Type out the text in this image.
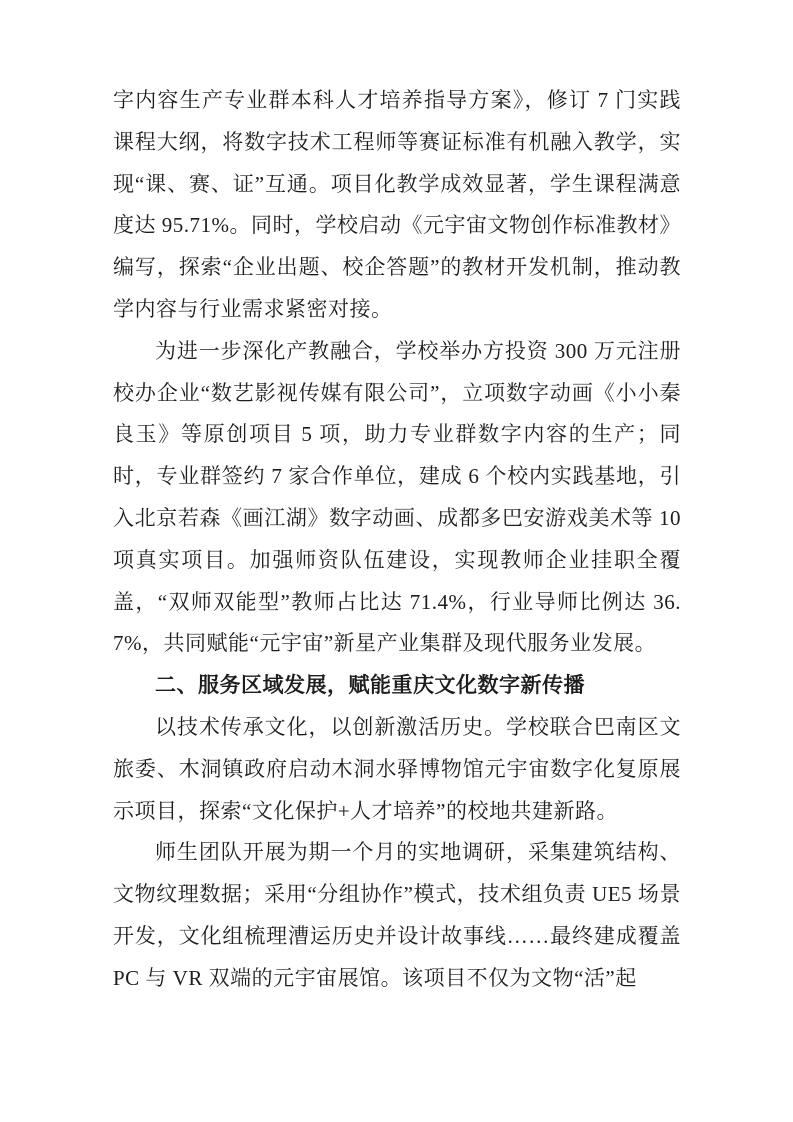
字内容生产专业群本科人才培养指导方案》，修订 7 门实践课程大纲，将数字技术工程师等赛证标准有机融入教学，实现“课、赛、证”互通。项目化教学成效显著，学生课程满意度达 95.71%。同时，学校启动《元宇宙文物创作标准教材》编写，探索“企业出题、校企答题”的教材开发机制，推动教学内容与行业需求紧密对接。

为进一步深化产教融合，学校举办方投资 300 万元注册校办企业“数艺影视传媒有限公司”，立项数字动画《小小秦良玉》等原创项目 5 项，助力专业群数字内容的生产；同时，专业群签约 7 家合作单位，建成 6 个校内实践基地，引入北京若森《画江湖》数字动画、成都多巴安游戏美术等 10 项真实项目。加强师资队伍建设，实现教师企业挂职全覆盖，“双师双能型”教师占比达 71.4%，行业导师比例达 36.7%，共同赋能“元宇宙”新星产业集群及现代服务业发展。

二、服务区域发展，赋能重庆文化数字新传播

以技术传承文化，以创新激活历史。学校联合巴南区文旅委、木洞镇政府启动木洞水驿博物馆元宇宙数字化复原展示项目，探索“文化保护+人才培养”的校地共建新路。

师生团队开展为期一个月的实地调研，采集建筑结构、文物纹理数据；采用“分组协作”模式，技术组负责 UE5 场景开发，文化组梳理漕运历史并设计故事线……最终建成覆盖 PC 与 VR 双端的元宇宙展馆。该项目不仅为文物“活”起
